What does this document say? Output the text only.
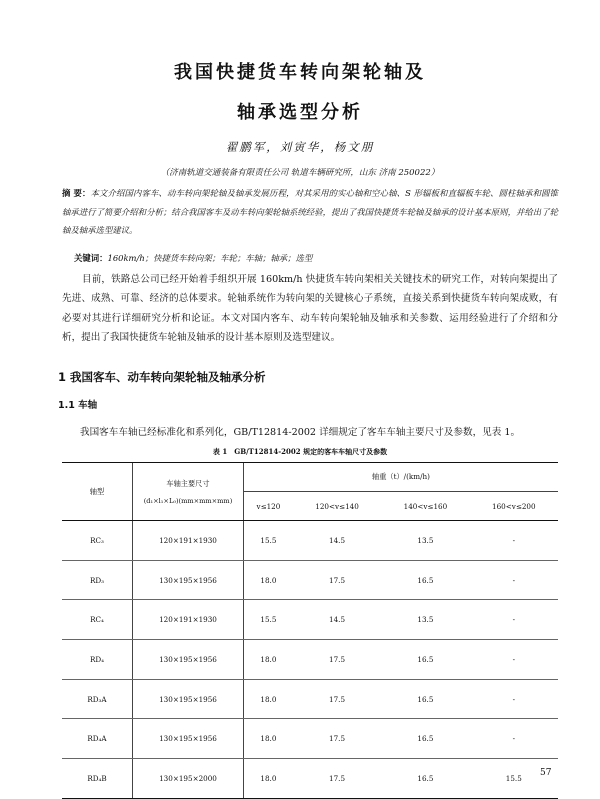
我国快捷货车转向架轮轴及
轴承选型分析
翟鹏军，刘寅华，杨文朋
（济南轨道交通装备有限责任公司 轨道车辆研究所，山东 济南 250022）
摘 要：本文介绍国内客车、动车转向架轮轴及轴承发展历程，对其采用的实心轴和空心轴、S 形辐板和直辐板车轮、圆柱轴承和圆锥轴承进行了简要介绍和分析；结合我国客车及动车转向架轮轴系统经验，提出了我国快捷货车轮轴及轴承的设计基本原则，并给出了轮轴及轴承选型建议。
关键词：160km/h；快捷货车转向架；车轮；车轴；轴承；选型
目前，铁路总公司已经开始着手组织开展 160km/h 快捷货车转向架相关关键技术的研究工作，对转向架提出了先进、成熟、可靠、经济的总体要求。轮轴系统作为转向架的关键核心子系统，直接关系到快捷货车转向架成败，有必要对其进行详细研究分析和论证。本文对国内客车、动车转向架轮轴及轴承和关参数、运用经验进行了介绍和分析，提出了我国快捷货车轮轴及轴承的设计基本原则及选型建议。
1 我国客车、动车转向架轮轴及轴承分析
1.1 车轴
我国客车车轴已经标准化和系列化，GB/T12814-2002 详细规定了客车车轴主要尺寸及参数，见表 1。
表 1　GB/T12814-2002 规定的客车车轴尺寸及参数
轴型	车轴主要尺寸
(d₁×l₁×L₀)(mm×mm×mm)	轴重（t）/(km/h)			
		v≤120	120<v≤140	140<v≤160	160<v≤200
RC₃	120×191×1930	15.5	14.5	13.5	-
RD₃	130×195×1956	18.0	17.5	16.5	-
RC₄	120×191×1930	15.5	14.5	13.5	-
RD₄	130×195×1956	18.0	17.5	16.5	-
RD₃A	130×195×1956	18.0	17.5	16.5	-
RD₄A	130×195×1956	18.0	17.5	16.5	-
RD₄B	130×195×2000	18.0	17.5	16.5	15.5
57
